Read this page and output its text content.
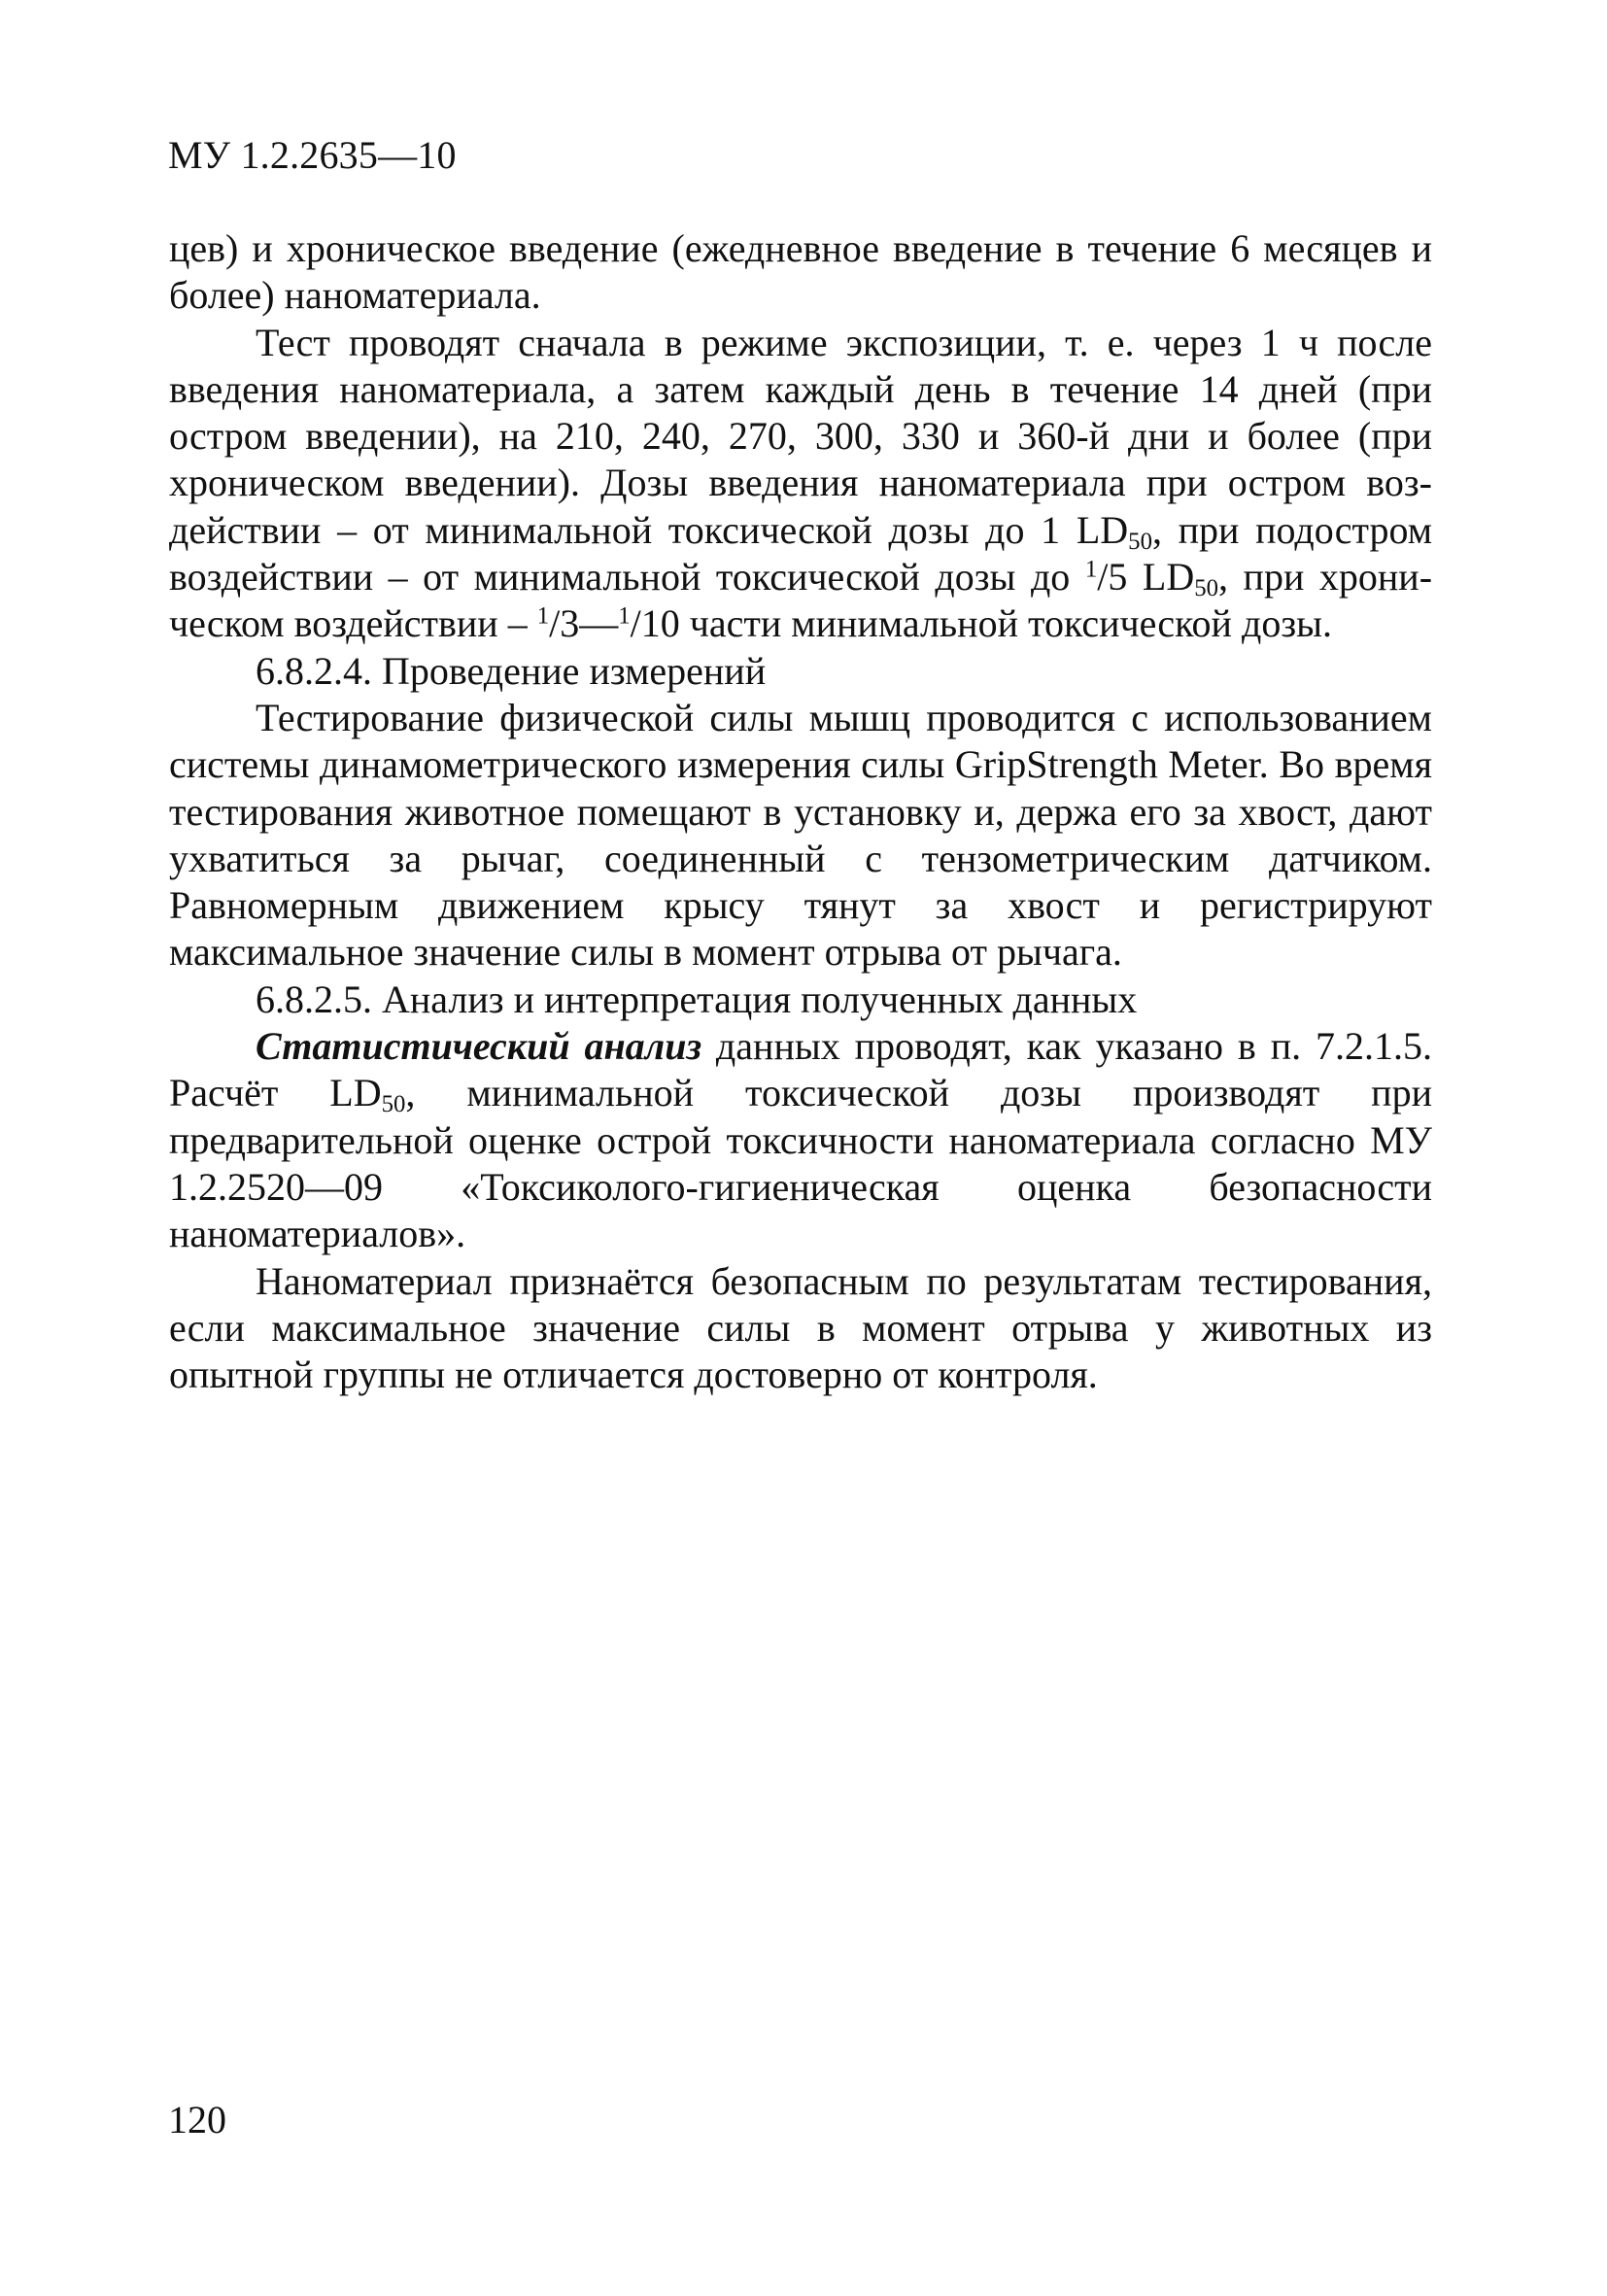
МУ 1.2.2635—10

цев) и хроническое введение (ежедневное введение в течение 6 месяцев и более) наноматериала.

Тест проводят сначала в режиме экспозиции, т. е. через 1 ч после введения наноматериала, а затем каждый день в течение 14 дней (при остром введении), на 210, 240, 270, 300, 330 и 360-й дни и более (при хроническом введении). Дозы введения наноматериала при остром воздействии – от минимальной токсической дозы до 1 $LD_{50}$, при подостром воздействии – от минимальной токсической дозы до $^1$/5 $LD_{50}$, при хроническом воздействии – $^1$/3—$^1$/10 части минимальной токсической дозы.

6.8.2.4. Проведение измерений

Тестирование физической силы мышц проводится с использованием системы динамометрического измерения силы GripStrength Meter. Во время тестирования животное помещают в установку и, держа его за хвост, дают ухватиться за рычаг, соединенный с тензометрическим датчиком. Равномерным движением крысу тянут за хвост и регистрируют максимальное значение силы в момент отрыва от рычага.

6.8.2.5. Анализ и интерпретация полученных данных

Статистический анализ данных проводят, как указано в п. 7.2.1.5. Расчёт $LD_{50}$, минимальной токсической дозы производят при предварительной оценке острой токсичности наноматериала согласно МУ 1.2.2520—09 «Токсиколого-гигиеническая оценка безопасности наноматериалов».

Наноматериал признаётся безопасным по результатам тестирования, если максимальное значение силы в момент отрыва у животных из опытной группы не отличается достоверно от контроля.

120
